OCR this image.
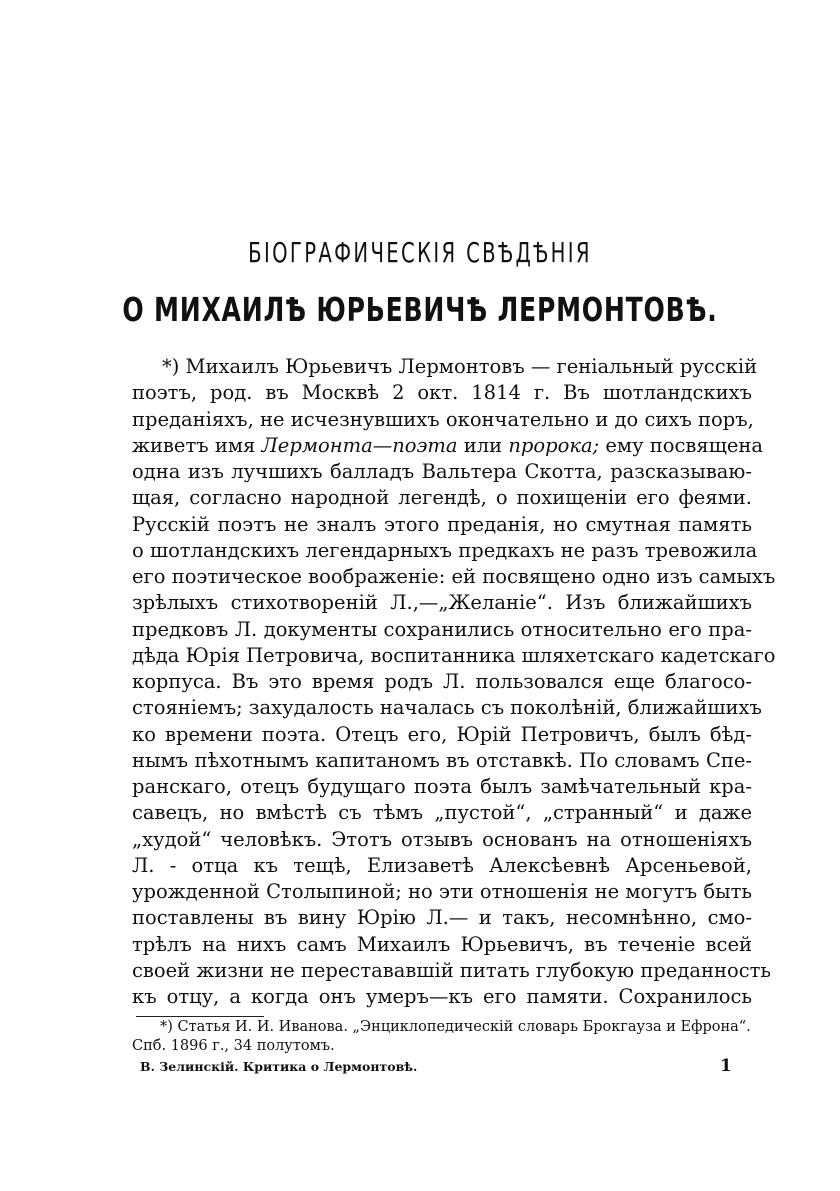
БІОГРАФИЧЕСКІЯ СВѢДѢНІЯ
О МИХАИЛѢ ЮРЬЕВИЧѢ ЛЕРМОНТОВѢ.
*) Михаилъ Юрьевичъ Лермонтовъ — геніальный русскій
поэтъ, род. въ Москвѣ 2 окт. 1814 г. Въ шотландскихъ
преданіяхъ, не исчезнувшихъ окончательно и до сихъ поръ,
живетъ имя Лермонта—поэта или пророка; ему посвящена
одна изъ лучшихъ балладъ Вальтера Скотта, разсказываю-
щая, согласно народной легендѣ, о похищеніи его феями.
Русскій поэтъ не зналъ этого преданія, но смутная память
о шотландскихъ легендарныхъ предкахъ не разъ тревожила
его поэтическое воображеніе: ей посвящено одно изъ самыхъ
зрѣлыхъ стихотвореній Л.,—„Желаніе“. Изъ ближайшихъ
предковъ Л. документы сохранились относительно его пра-
дѣда Юрія Петровича, воспитанника шляхетскаго кадетскаго
корпуса. Въ это время родъ Л. пользовался еще благосо-
стояніемъ; захудалость началась съ поколѣній, ближайшихъ
ко времени поэта. Отецъ его, Юрій Петровичъ, былъ бѣд-
нымъ пѣхотнымъ капитаномъ въ отставкѣ. По словамъ Спе-
ранскаго, отецъ будущаго поэта былъ замѣчательный кра-
савецъ, но вмѣстѣ съ тѣмъ „пустой“, „странный“ и даже
„худой“ человѣкъ. Этотъ отзывъ основанъ на отношеніяхъ
Л. - отца къ тещѣ, Елизаветѣ Алексѣевнѣ Арсеньевой,
урожденной Столыпиной; но эти отношенія не могутъ быть
поставлены въ вину Юрію Л.— и такъ, несомнѣнно, смо-
трѣлъ на нихъ самъ Михаилъ Юрьевичъ, въ теченіе всей
своей жизни не перестававшій питать глубокую преданность
къ отцу, а когда онъ умеръ—къ его памяти. Сохранилось
*) Статья И. И. Иванова. „Энциклопедическій словарь Брокгауза и Ефрона“.
Спб. 1896 г., 34 полутомъ.
В. Зелинскій. Критика о Лермонтовѣ.	1
